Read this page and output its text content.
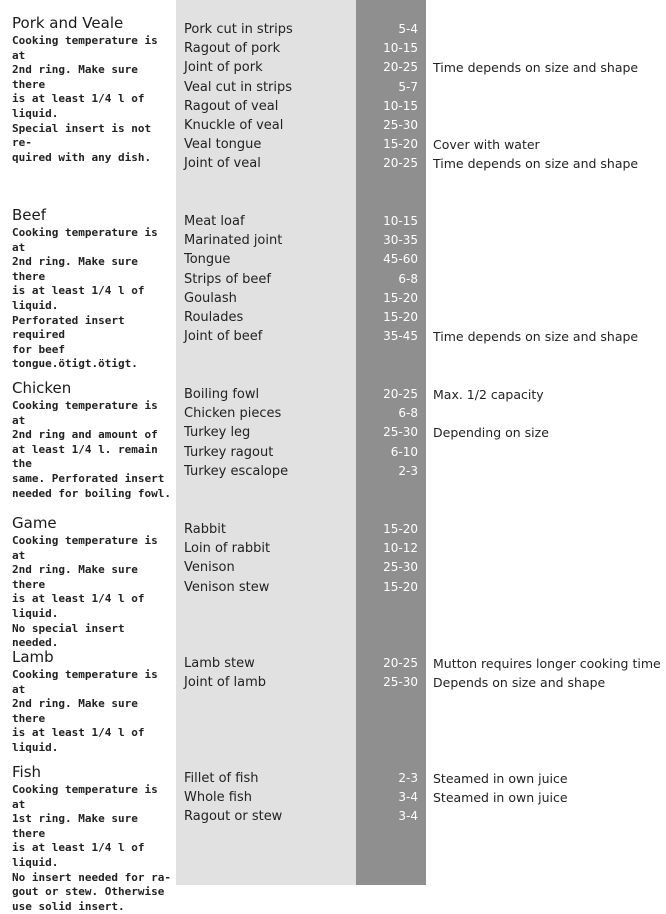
Pork and Veale
Cooking temperature is at
2nd ring. Make sure there
is at least 1/4 l of liquid.
Special insert is not re-
quired with any dish.
Pork cut in strips	5-4
Ragout of pork	10-15
Joint of pork	20-25 Time depends on size and shape
Veal cut in strips	5-7
Ragout of veal	10-15
Knuckle of veal	25-30
Veal tongue	15-20 Cover with water
Joint of veal	20-25 Time depends on size and shape
Beef
Cooking temperature is at
2nd ring. Make sure there
is at least 1/4 l of liquid.
Perforated insert required
for beef tongue.ötigt.ötigt.
Meat loaf	10-15
Marinated joint	30-35
Tongue	45-60
Strips of beef	6-8
Goulash	15-20
Roulades	15-20
Joint of beef	35-45 Time depends on size and shape
Chicken
Cooking temperature is at
2nd ring and amount of
at least 1/4 l. remain the
same. Perforated insert
needed for boiling fowl.
Boiling fowl	20-25 Max. 1/2 capacity
Chicken pieces	6-8
Turkey leg	25-30 Depending on size
Turkey ragout	6-10
Turkey escalope	2-3
Game
Cooking temperature is at
2nd ring. Make sure there
is at least 1/4 l of liquid.
No special insert needed.
Rabbit	15-20
Loin of rabbit	10-12
Venison	25-30
Venison stew	15-20
Lamb
Cooking temperature is at
2nd ring. Make sure there
is at least 1/4 l of liquid.
Lamb stew	20-25 Mutton requires longer cooking time
Joint of lamb	25-30 Depends on size and shape
Fish
Cooking temperature is at
1st ring. Make sure there
is at least 1/4 l of liquid.
No insert needed for ra-
gout or stew. Otherwise
use solid insert.
Fillet of fish	2-3 Steamed in own juice
Whole fish	3-4 Steamed in own juice
Ragout or stew	3-4
